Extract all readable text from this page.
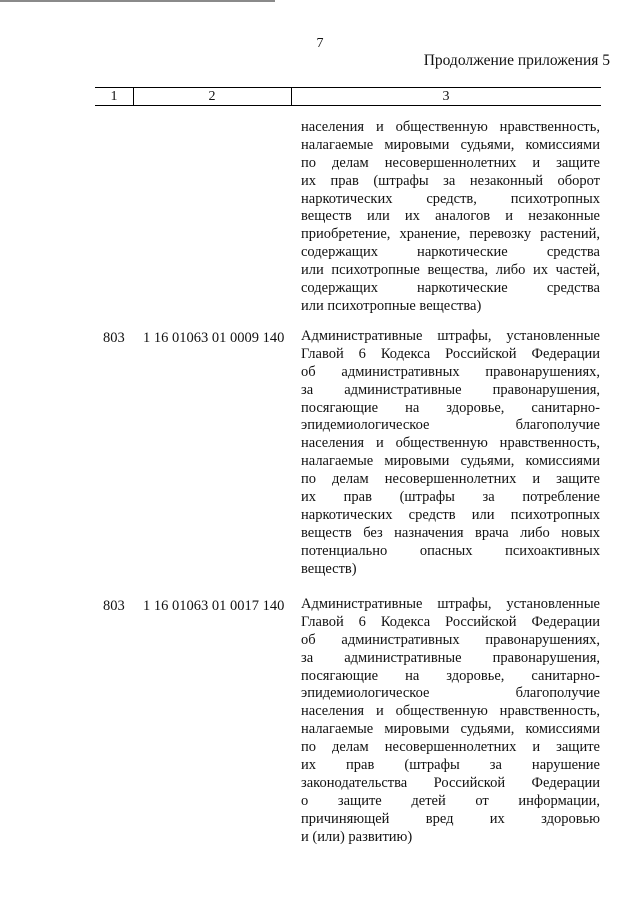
7
Продолжение приложения 5
1	2	3
населения и общественную нравственность,
налагаемые мировыми судьями, комиссиями
по делам несовершеннолетних и защите
их прав (штрафы за незаконный оборот
наркотических средств, психотропных
веществ или их аналогов и незаконные
приобретение, хранение, перевозку растений,
содержащих наркотические средства
или психотропные вещества, либо их частей,
содержащих наркотические средства
или психотропные вещества)
803 1 16 01063 01 0009 140 Административные штрафы, установленные
Главой 6 Кодекса Российской Федерации
об административных правонарушениях,
за административные правонарушения,
посягающие на здоровье, санитарно-
эпидемиологическое благополучие
населения и общественную нравственность,
налагаемые мировыми судьями, комиссиями
по делам несовершеннолетних и защите
их прав (штрафы за потребление
наркотических средств или психотропных
веществ без назначения врача либо новых
потенциально опасных психоактивных
веществ)
803 1 16 01063 01 0017 140 Административные штрафы, установленные
Главой 6 Кодекса Российской Федерации
об административных правонарушениях,
за административные правонарушения,
посягающие на здоровье, санитарно-
эпидемиологическое благополучие
населения и общественную нравственность,
налагаемые мировыми судьями, комиссиями
по делам несовершеннолетних и защите
их прав (штрафы за нарушение
законодательства Российской Федерации
о защите детей от информации,
причиняющей вред их здоровью
и (или) развитию)
